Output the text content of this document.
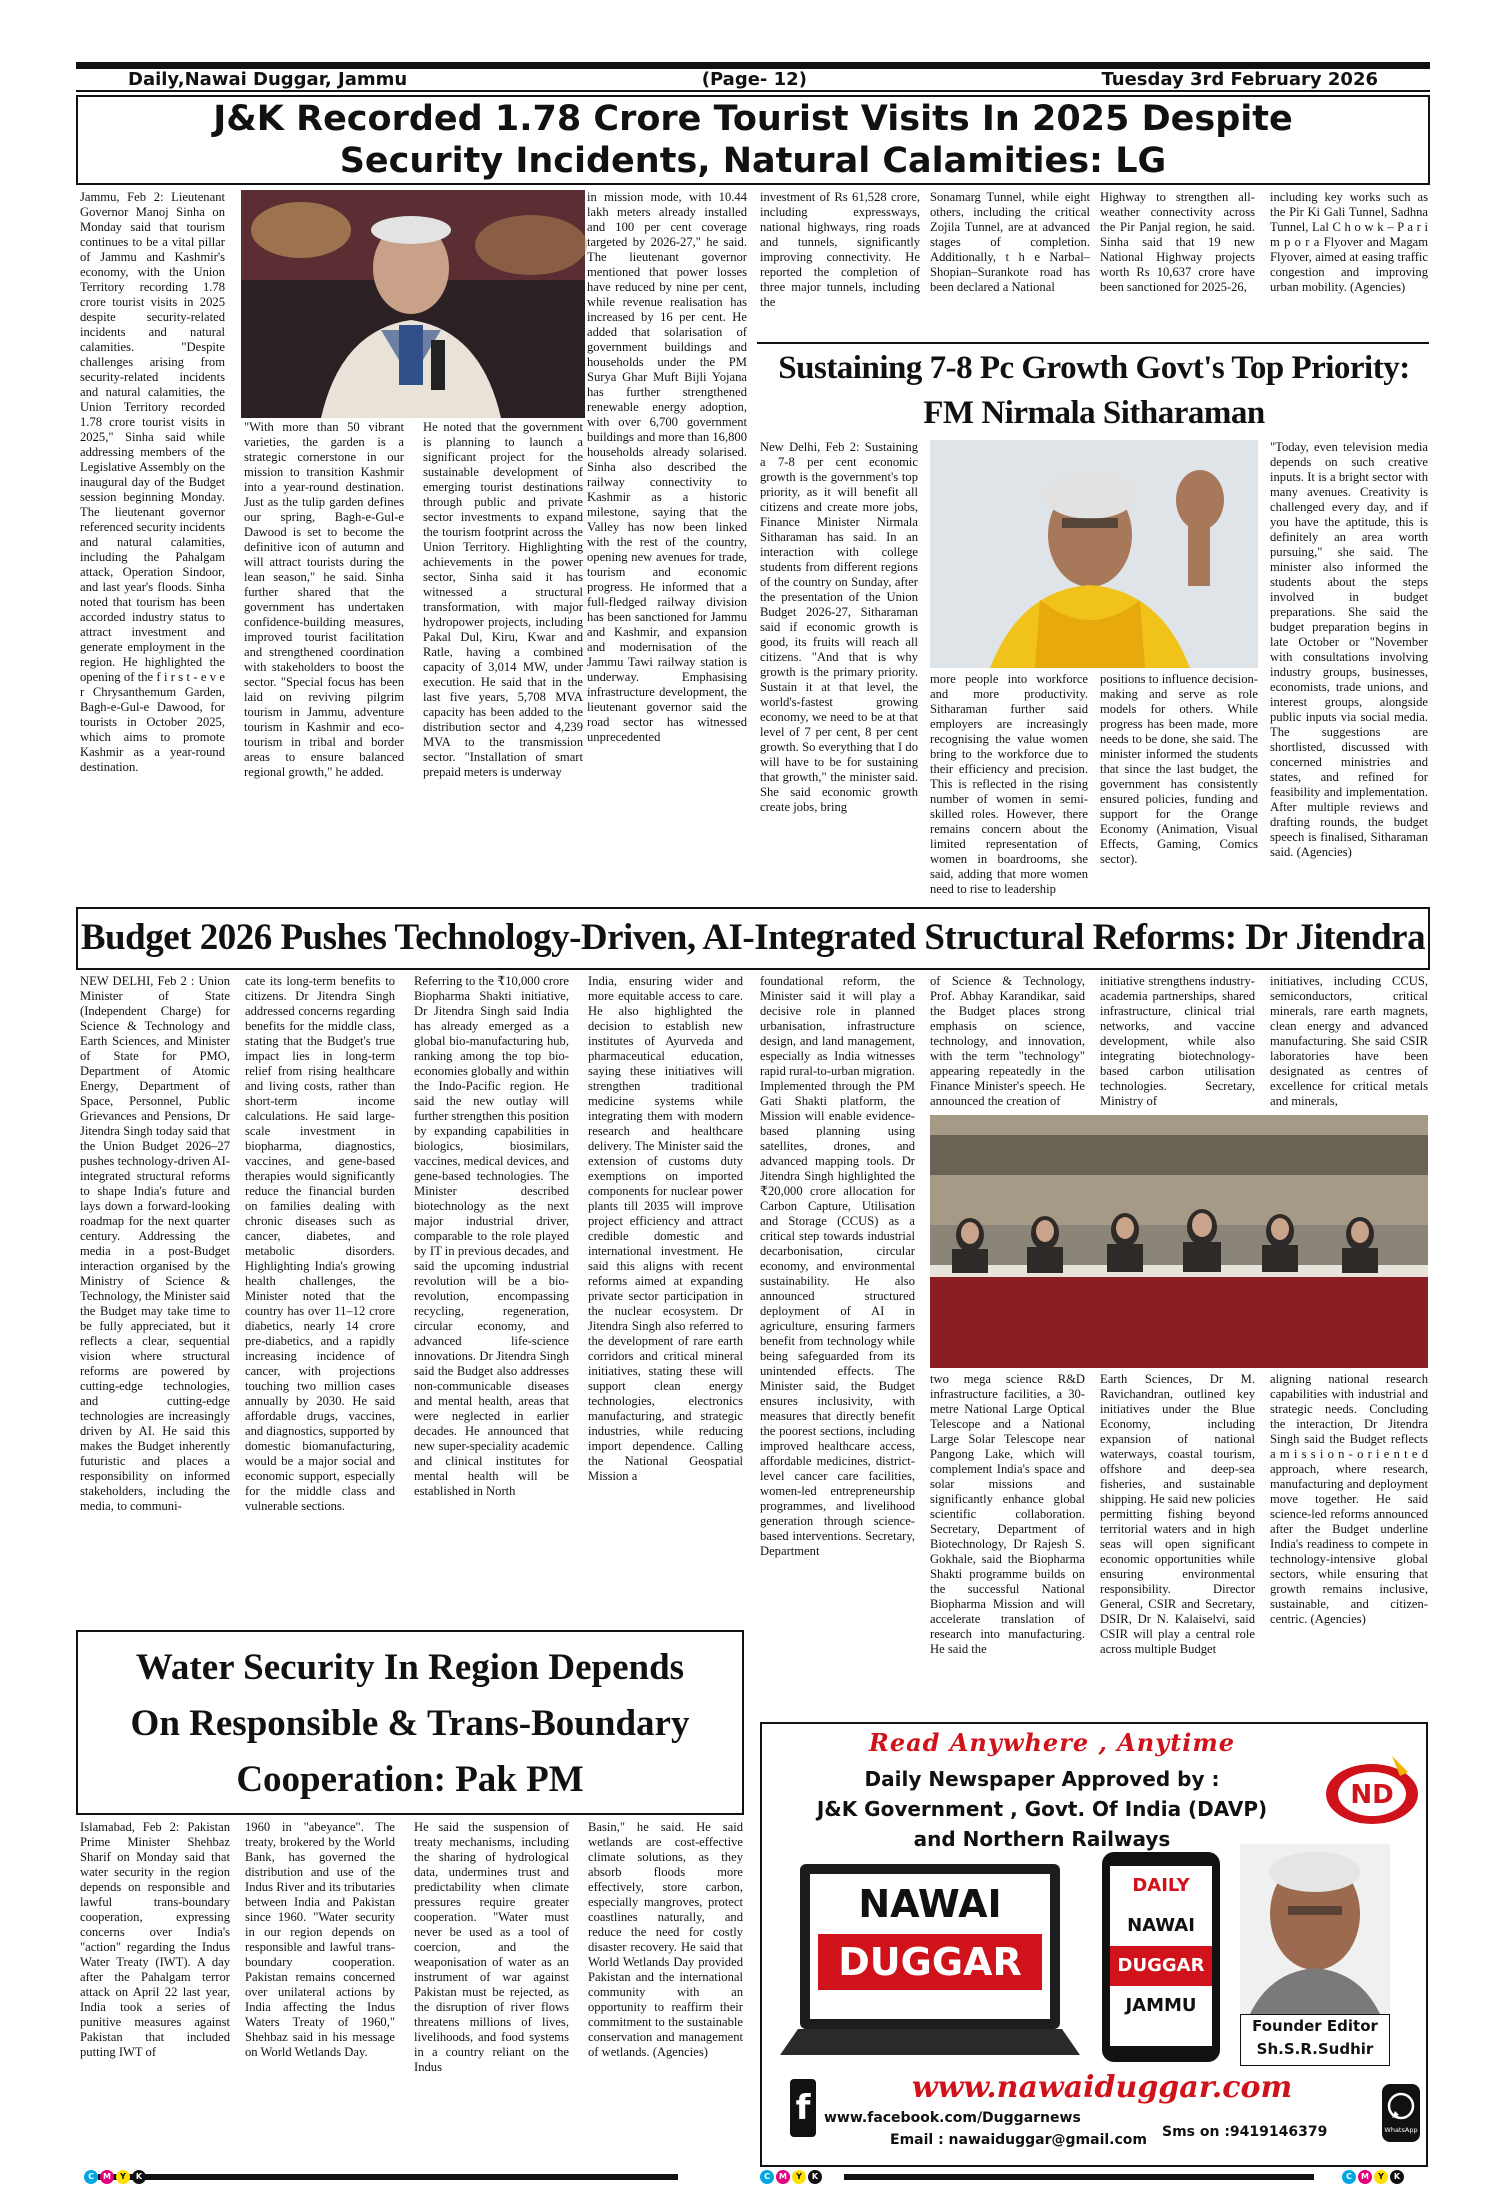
Daily,Nawai Duggar, Jammu	(Page- 12)	Tuesday 3rd February 2026
J&K Recorded 1.78 Crore Tourist Visits In 2025 Despite
Security Incidents, Natural Calamities: LG
Jammu, Feb 2: Lieutenant Governor Manoj Sinha on Monday said that tourism continues to be a vital pillar of Jammu and Kashmir's economy, with the Union Territory recording 1.78 crore tourist visits in 2025 despite security-related incidents and natural calamities. "Despite challenges arising from security-related incidents and natural calamities, the Union Territory recorded 1.78 crore tourist visits in 2025," Sinha said while addressing members of the Legislative Assembly on the inaugural day of the Budget session beginning Monday. The lieutenant governor referenced security incidents and natural calamities, including the Pahalgam attack, Operation Sindoor, and last year's floods. Sinha noted that tourism has been accorded industry status to attract investment and generate employment in the region. He highlighted the opening of the f i r s t - e v e r Chrysanthemum Garden, Bagh-e-Gul-e Dawood, for tourists in October 2025, which aims to promote Kashmir as a year-round destination.
"With more than 50 vibrant varieties, the garden is a strategic cornerstone in our mission to transition Kashmir into a year-round destination. Just as the tulip garden defines our spring, Bagh-e-Gul-e Dawood is set to become the definitive icon of autumn and will attract tourists during the lean season," he said. Sinha further shared that the government has undertaken confidence-building measures, improved tourist facilitation and strengthened coordination with stakeholders to boost the sector. "Special focus has been laid on reviving pilgrim tourism in Jammu, adventure tourism in Kashmir and eco-tourism in tribal and border areas to ensure balanced regional growth," he added.
He noted that the government is planning to launch a significant project for the sustainable development of emerging tourist destinations through public and private sector investments to expand the tourism footprint across the Union Territory. Highlighting achievements in the power sector, Sinha said it has witnessed a structural transformation, with major hydropower projects, including Pakal Dul, Kiru, Kwar and Ratle, having a combined capacity of 3,014 MW, under execution. He said that in the last five years, 5,708 MVA capacity has been added to the distribution sector and 4,239 MVA to the transmission sector. "Installation of smart prepaid meters is underway
in mission mode, with 10.44 lakh meters already installed and 100 per cent coverage targeted by 2026-27," he said. The lieutenant governor mentioned that power losses have reduced by nine per cent, while revenue realisation has increased by 16 per cent. He added that solarisation of government buildings and households under the PM Surya Ghar Muft Bijli Yojana has further strengthened renewable energy adoption, with over 6,700 government buildings and more than 16,800 households already solarised. Sinha also described the railway connectivity to Kashmir as a historic milestone, saying that the Valley has now been linked with the rest of the country, opening new avenues for trade, tourism and economic progress. He informed that a full-fledged railway division has been sanctioned for Jammu and Kashmir, and expansion and modernisation of the Jammu Tawi railway station is underway. Emphasising infrastructure development, the lieutenant governor said the road sector has witnessed unprecedented
investment of Rs 61,528 crore, including expressways, national highways, ring roads and tunnels, significantly improving connectivity. He reported the completion of three major tunnels, including the
Sonamarg Tunnel, while eight others, including the critical Zojila Tunnel, are at advanced stages of completion. Additionally, t h e Narbal–Shopian–Surankote road has been declared a National
Highway to strengthen all-weather connectivity across the Pir Panjal region, he said. Sinha said that 19 new National Highway projects worth Rs 10,637 crore have been sanctioned for 2025-26,
including key works such as the Pir Ki Gali Tunnel, Sadhna Tunnel, Lal C h o w k – P a r i m p o r a Flyover and Magam Flyover, aimed at easing traffic congestion and improving urban mobility. (Agencies)
Sustaining 7-8 Pc Growth Govt's Top Priority:
FM Nirmala Sitharaman
New Delhi, Feb 2: Sustaining a 7-8 per cent economic growth is the government's top priority, as it will benefit all citizens and create more jobs, Finance Minister Nirmala Sitharaman has said. In an interaction with college students from different regions of the country on Sunday, after the presentation of the Union Budget 2026-27, Sitharaman said if economic growth is good, its fruits will reach all citizens. "And that is why growth is the primary priority. Sustain it at that level, the world's-fastest growing economy, we need to be at that level of 7 per cent, 8 per cent growth. So everything that I do will have to be for sustaining that growth," the minister said. She said economic growth create jobs, bring
more people into workforce and more productivity. Sitharaman further said employers are increasingly recognising the value women bring to the workforce due to their efficiency and precision. This is reflected in the rising number of women in semi-skilled roles. However, there remains concern about the limited representation of women in boardrooms, she said, adding that more women need to rise to leadership
positions to influence decision-making and serve as role models for others. While progress has been made, more needs to be done, she said. The minister informed the students that since the last budget, the government has consistently ensured policies, funding and support for the Orange Economy (Animation, Visual Effects, Gaming, Comics sector).
"Today, even television media depends on such creative inputs. It is a bright sector with many avenues. Creativity is challenged every day, and if you have the aptitude, this is definitely an area worth pursuing," she said. The minister also informed the students about the steps involved in budget preparations. She said the budget preparation begins in late October or "November with consultations involving industry groups, businesses, economists, trade unions, and interest groups, alongside public inputs via social media. The suggestions are shortlisted, discussed with concerned ministries and states, and refined for feasibility and implementation. After multiple reviews and drafting rounds, the budget speech is finalised, Sitharaman said. (Agencies)
Budget 2026 Pushes Technology-Driven, AI-Integrated Structural Reforms: Dr Jitendra
NEW DELHI, Feb 2 : Union Minister of State (Independent Charge) for Science & Technology and Earth Sciences, and Minister of State for PMO, Department of Atomic Energy, Department of Space, Personnel, Public Grievances and Pensions, Dr Jitendra Singh today said that the Union Budget 2026–27 pushes technology-driven AI-integrated structural reforms to shape India's future and lays down a forward-looking roadmap for the next quarter century. Addressing the media in a post-Budget interaction organised by the Ministry of Science & Technology, the Minister said the Budget may take time to be fully appreciated, but it reflects a clear, sequential vision where structural reforms are powered by cutting-edge technologies, and cutting-edge technologies are increasingly driven by AI. He said this makes the Budget inherently futuristic and places a responsibility on informed stakeholders, including the media, to communi-
cate its long-term benefits to citizens. Dr Jitendra Singh addressed concerns regarding benefits for the middle class, stating that the Budget's true impact lies in long-term relief from rising healthcare and living costs, rather than short-term income calculations. He said large-scale investment in biopharma, diagnostics, vaccines, and gene-based therapies would significantly reduce the financial burden on families dealing with chronic diseases such as cancer, diabetes, and metabolic disorders. Highlighting India's growing health challenges, the Minister noted that the country has over 11–12 crore diabetics, nearly 14 crore pre-diabetics, and a rapidly increasing incidence of cancer, with projections touching two million cases annually by 2030. He said affordable drugs, vaccines, and diagnostics, supported by domestic biomanufacturing, would be a major social and economic support, especially for the middle class and vulnerable sections.
Referring to the ₹10,000 crore Biopharma Shakti initiative, Dr Jitendra Singh said India has already emerged as a global bio-manufacturing hub, ranking among the top bio-economies globally and within the Indo-Pacific region. He said the new outlay will further strengthen this position by expanding capabilities in biologics, biosimilars, vaccines, medical devices, and gene-based technologies. The Minister described biotechnology as the next major industrial driver, comparable to the role played by IT in previous decades, and said the upcoming industrial revolution will be a bio-revolution, encompassing recycling, regeneration, circular economy, and advanced life-science innovations. Dr Jitendra Singh said the Budget also addresses non-communicable diseases and mental health, areas that were neglected in earlier decades. He announced that new super-speciality academic and clinical institutes for mental health will be established in North
India, ensuring wider and more equitable access to care. He also highlighted the decision to establish new institutes of Ayurveda and pharmaceutical education, saying these initiatives will strengthen traditional medicine systems while integrating them with modern research and healthcare delivery. The Minister said the extension of customs duty exemptions on imported components for nuclear power plants till 2035 will improve project efficiency and attract credible domestic and international investment. He said this aligns with recent reforms aimed at expanding private sector participation in the nuclear ecosystem. Dr Jitendra Singh also referred to the development of rare earth corridors and critical mineral initiatives, stating these will support clean energy technologies, electronics manufacturing, and strategic industries, while reducing import dependence. Calling the National Geospatial Mission a
foundational reform, the Minister said it will play a decisive role in planned urbanisation, infrastructure design, and land management, especially as India witnesses rapid rural-to-urban migration. Implemented through the PM Gati Shakti platform, the Mission will enable evidence-based planning using satellites, drones, and advanced mapping tools. Dr Jitendra Singh highlighted the ₹20,000 crore allocation for Carbon Capture, Utilisation and Storage (CCUS) as a critical step towards industrial decarbonisation, circular economy, and environmental sustainability. He also announced structured deployment of AI in agriculture, ensuring farmers benefit from technology while being safeguarded from its unintended effects. The Minister said, the Budget ensures inclusivity, with measures that directly benefit the poorest sections, including improved healthcare access, affordable medicines, district-level cancer care facilities, women-led entrepreneurship programmes, and livelihood generation through science-based interventions. Secretary, Department
of Science & Technology, Prof. Abhay Karandikar, said the Budget places strong emphasis on science, technology, and innovation, with the term "technology" appearing repeatedly in the Finance Minister's speech. He announced the creation of
initiative strengthens industry-academia partnerships, shared infrastructure, clinical trial networks, and vaccine development, while also integrating biotechnology-based carbon utilisation technologies. Secretary, Ministry of
initiatives, including CCUS, semiconductors, critical minerals, rare earth magnets, clean energy and advanced manufacturing. She said CSIR laboratories have been designated as centres of excellence for critical metals and minerals,
two mega science R&D infrastructure facilities, a 30-metre National Large Optical Telescope and a National Large Solar Telescope near Pangong Lake, which will complement India's space and solar missions and significantly enhance global scientific collaboration. Secretary, Department of Biotechnology, Dr Rajesh S. Gokhale, said the Biopharma Shakti programme builds on the successful National Biopharma Mission and will accelerate translation of research into manufacturing. He said the
Earth Sciences, Dr M. Ravichandran, outlined key initiatives under the Blue Economy, including expansion of national waterways, coastal tourism, offshore and deep-sea fisheries, and sustainable shipping. He said new policies permitting fishing beyond territorial waters and in high seas will open significant economic opportunities while ensuring environmental responsibility. Director General, CSIR and Secretary, DSIR, Dr N. Kalaiselvi, said CSIR will play a central role across multiple Budget
aligning national research capabilities with industrial and strategic needs. Concluding the interaction, Dr Jitendra Singh said the Budget reflects a m i s s i o n - o r i e n t e d approach, where research, manufacturing and deployment move together. He said science-led reforms announced after the Budget underline India's readiness to compete in technology-intensive global sectors, while ensuring that growth remains inclusive, sustainable, and citizen-centric. (Agencies)
Water Security In Region Depends
On Responsible & Trans-Boundary
Cooperation: Pak PM
Islamabad, Feb 2: Pakistan Prime Minister Shehbaz Sharif on Monday said that water security in the region depends on responsible and lawful trans-boundary cooperation, expressing concerns over India's "action" regarding the Indus Water Treaty (IWT). A day after the Pahalgam terror attack on April 22 last year, India took a series of punitive measures against Pakistan that included putting IWT of
1960 in "abeyance". The treaty, brokered by the World Bank, has governed the distribution and use of the Indus River and its tributaries between India and Pakistan since 1960. "Water security in our region depends on responsible and lawful trans-boundary cooperation. Pakistan remains concerned over unilateral actions by India affecting the Indus Waters Treaty of 1960," Shehbaz said in his message on World Wetlands Day.
He said the suspension of treaty mechanisms, including the sharing of hydrological data, undermines trust and predictability when climate pressures require greater cooperation. "Water must never be used as a tool of coercion, and the weaponisation of water as an instrument of war against Pakistan must be rejected, as the disruption of river flows threatens millions of lives, livelihoods, and food systems in a country reliant on the Indus
Basin," he said. He said wetlands are cost-effective climate solutions, as they absorb floods more effectively, store carbon, especially mangroves, protect coastlines naturally, and reduce the need for costly disaster recovery. He said that World Wetlands Day provided Pakistan and the international community with an opportunity to reaffirm their commitment to the sustainable conservation and management of wetlands. (Agencies)
Read Anywhere , Anytime
Daily Newspaper Approved by :
J&K Government , Govt. Of India (DAVP)
and Northern Railways
ND
NAWAI
DUGGAR
DAILY
NAWAI
DUGGAR
JAMMU
Founder Editor
Sh.S.R.Sudhir
f
www.nawaiduggar.com
www.facebook.com/Duggarnews
Email : nawaiduggar@gmail.com	Sms on :9419146379	WhatsApp
C	M	Y	K	C	M	Y	K	C	M	Y	K
